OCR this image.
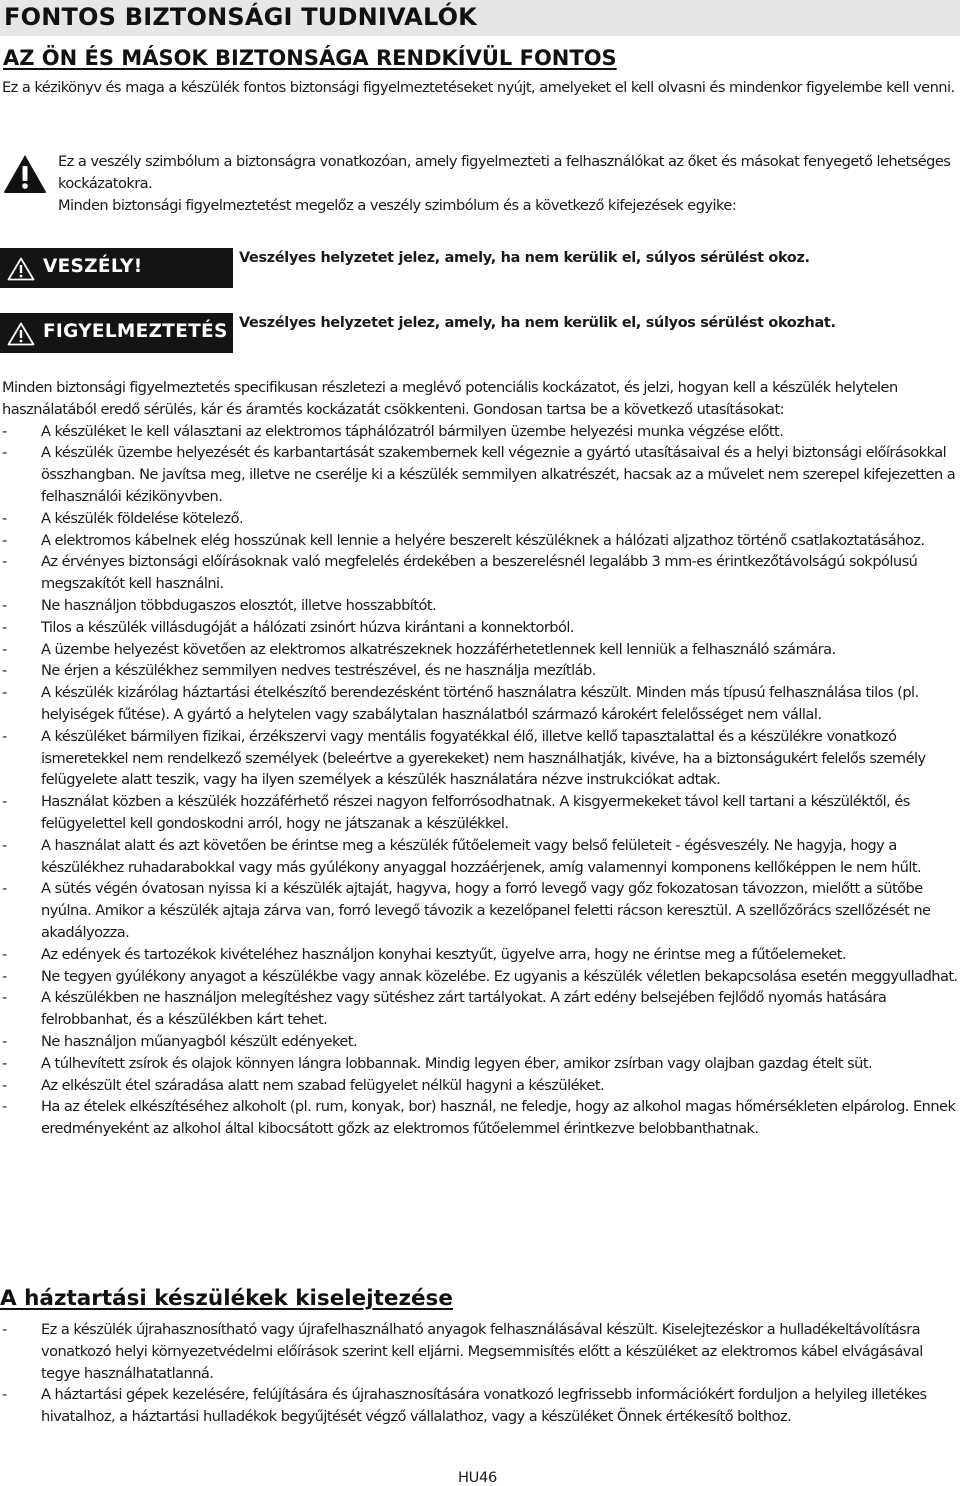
FONTOS BIZTONSÁGI TUDNIVALÓK
AZ ÖN ÉS MÁSOK BIZTONSÁGA RENDKÍVÜL FONTOS

Ez a kézikönyv és maga a készülék fontos biztonsági figyelmeztetéseket nyújt, amelyeket el kell olvasni és mindenkor figyelembe kell venni.

Ez a veszély szimbólum a biztonságra vonatkozóan, amely figyelmezteti a felhasználókat az őket és másokat fenyegető lehetséges kockázatokra.

Minden biztonsági figyelmeztetést megelőz a veszély szimbólum és a következő kifejezések egyike:

VESZÉLY!	Veszélyes helyzetet jelez, amely, ha nem kerülik el, súlyos sérülést okoz.
FIGYELMEZTETÉS Veszélyes helyzetet jelez, amely, ha nem kerülik el, súlyos sérülést okozhat.

Minden biztonsági figyelmeztetés specifikusan részletezi a meglévő potenciális kockázatot, és jelzi, hogyan kell a készülék helytelen használatából eredő sérülés, kár és áramtés kockázatát csökkenteni. Gondosan tartsa be a következő utasításokat:

- A készüléket le kell választani az elektromos táphálózatról bármilyen üzembe helyezési munka végzése előtt.
- A készülék üzembe helyezését és karbantartását szakembernek kell végeznie a gyártó utasításaival és a helyi biztonsági előírásokkal összhangban. Ne javítsa meg, illetve ne cserélje ki a készülék semmilyen alkatrészét, hacsak az a művelet nem szerepel kifejezetten a felhasználói kézikönyvben.
- A készülék földelése kötelező.
- A elektromos kábelnek elég hosszúnak kell lennie a helyére beszerelt készüléknek a hálózati aljzathoz történő csatlakoztatásához.
- Az érvényes biztonsági előírásoknak való megfelelés érdekében a beszerelésnél legalább 3 mm-es érintkezőtávolságú sokpólusú megszakítót kell használni.
- Ne használjon többdugaszos elosztót, illetve hosszabbítót.
- Tilos a készülék villásdugóját a hálózati zsinórt húzva kirántani a konnektorból.
- A üzembe helyezést követően az elektromos alkatrészeknek hozzáférhetetlennek kell lenniük a felhasználó számára.
- Ne érjen a készülékhez semmilyen nedves testrészével, és ne használja mezítláb.
- A készülék kizárólag háztartási ételkészítő berendezésként történő használatra készült. Minden más típusú felhasználása tilos (pl. helyiségek fűtése). A gyártó a helytelen vagy szabálytalan használatból származó károkért felelősséget nem vállal.
- A készüléket bármilyen fizikai, érzékszervi vagy mentális fogyatékkal élő, illetve kellő tapasztalattal és a készülékre vonatkozó ismeretekkel nem rendelkező személyek (beleértve a gyerekeket) nem használhatják, kivéve, ha a biztonságukért felelős személy felügyelete alatt teszik, vagy ha ilyen személyek a készülék használatára nézve instrukciókat adtak.
- Használat közben a készülék hozzáférhető részei nagyon felforrósodhatnak. A kisgyermekeket távol kell tartani a készüléktől, és felügyelettel kell gondoskodni arról, hogy ne játszanak a készülékkel.
- A használat alatt és azt követően be érintse meg a készülék fűtőelemeit vagy belső felületeit - égésveszély. Ne hagyja, hogy a készülékhez ruhadarabokkal vagy más gyúlékony anyaggal hozzáérjenek, amíg valamennyi komponens kellőképpen le nem hűlt.
- A sütés végén óvatosan nyissa ki a készülék ajtaját, hagyva, hogy a forró levegő vagy gőz fokozatosan távozzon, mielőtt a sütőbe nyúlna. Amikor a készülék ajtaja zárva van, forró levegő távozik a kezelőpanel feletti rácson keresztül. A szellőzőrács szellőzését ne akadályozza.
- Az edények és tartozékok kivételéhez használjon konyhai kesztyűt, ügyelve arra, hogy ne érintse meg a fűtőelemeket.
- Ne tegyen gyúlékony anyagot a készülékbe vagy annak közelébe. Ez ugyanis a készülék véletlen bekapcsolása esetén meggyulladhat.
- A készülékben ne használjon melegítéshez vagy sütéshez zárt tartályokat. A zárt edény belsejében fejlődő nyomás hatására felrobbanhat, és a készülékben kárt tehet.
- Ne használjon műanyagból készült edényeket.
- A túlhevített zsírok és olajok könnyen lángra lobbannak. Mindig legyen éber, amikor zsírban vagy olajban gazdag ételt süt.
- Az elkészült étel száradása alatt nem szabad felügyelet nélkül hagyni a készüléket.
- Ha az ételek elkészítéséhez alkoholt (pl. rum, konyak, bor) használ, ne feledje, hogy az alkohol magas hőmérsékleten elpárolog. Ennek eredményeként az alkohol által kibocsátott gőzk az elektromos fűtőelemmel érintkezve belobbanthatnak.
A háztartási készülékek kiselejtezése
- Ez a készülék újrahasznosítható vagy újrafelhasználható anyagok felhasználásával készült. Kiselejtezéskor a hulladékeltávolításra vonatkozó helyi környezetvédelmi előírások szerint kell eljárni. Megsemmisítés előtt a készüléket az elektromos kábel elvágásával tegye használhatatlanná.
- A háztartási gépek kezelésére, felújítására és újrahasznosítására vonatkozó legfrissebb információkért forduljon a helyileg illetékes hivatalhoz, a háztartási hulladékok begyűjtését végző vállalathoz, vagy a készüléket Önnek értékesítő bolthoz.
HU46
